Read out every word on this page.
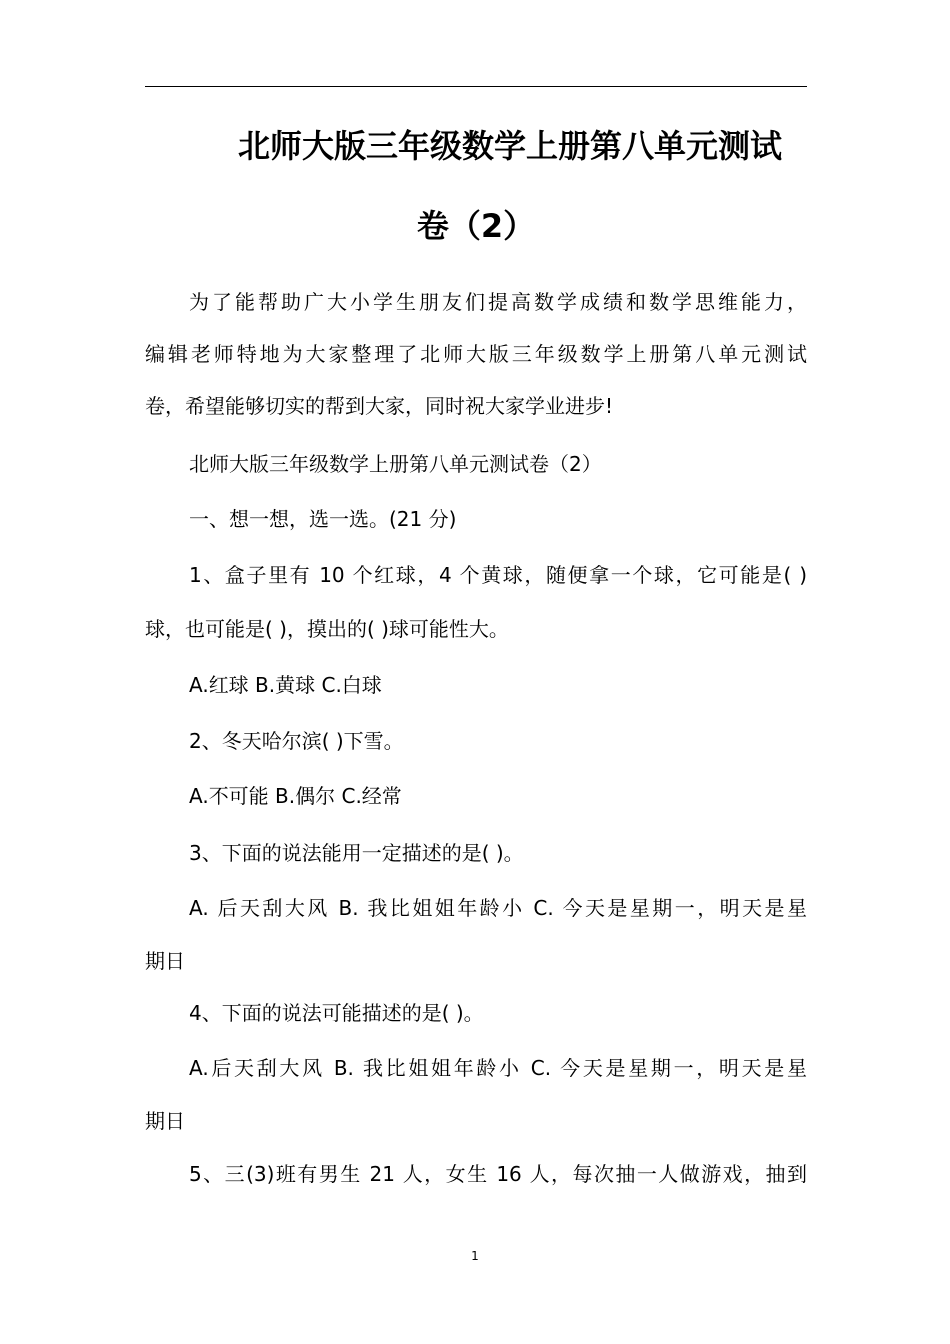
北师大版三年级数学上册第八单元测试
卷（2）
为了能帮助广大小学生朋友们提高数学成绩和数学思维能力，
编辑老师特地为大家整理了北师大版三年级数学上册第八单元测试
卷，希望能够切实的帮到大家，同时祝大家学业进步!
北师大版三年级数学上册第八单元测试卷（2）
一、想一想，选一选。(21 分)
1、盒子里有 10 个红球，4 个黄球，随便拿一个球，它可能是( )
球，也可能是( )，摸出的( )球可能性大。
A.红球 B.黄球 C.白球
2、冬天哈尔滨( )下雪。
A.不可能 B.偶尔 C.经常
3、下面的说法能用一定描述的是( )。
A. 后天刮大风 B. 我比姐姐年龄小 C. 今天是星期一，明天是星
期日
4、下面的说法可能描述的是( )。
A.后天刮大风 B. 我比姐姐年龄小 C. 今天是星期一，明天是星
期日
5、三(3)班有男生 21 人，女生 16 人，每次抽一人做游戏，抽到
1
